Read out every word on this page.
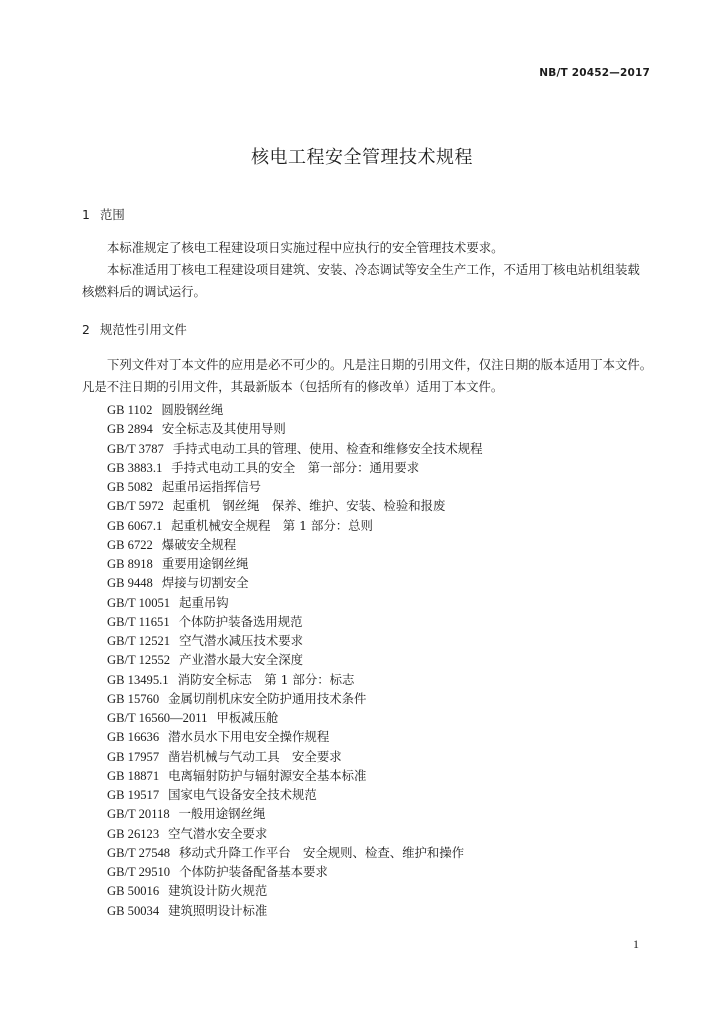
NB/T 20452—2017
核电工程安全管理技术规程
1 范围
本标准规定了核电工程建设项日实施过程中应执行的安全管理技术要求。
本标准适用丁核电工程建设项目建筑、安装、冷态调试等安全生产工作，不适用丁核电站机组装载
核燃料后的调试运行。
2 规范性引用文件
下列文件对丁本文件的应用是必不可少的。凡是注日期的引用文件，仅注日期的版本适用丁本文件。
凡是不注日期的引用文件，其最新版本（包括所有的修改单）适用丁本文件。
GB 1102 圆股钢丝绳
GB 2894 安全标志及其使用导则
GB/T 3787 手持式电动工具的管理、使用、检查和维修安全技术规程
GB 3883.1 手持式电动工具的安全　第一部分：通用要求
GB 5082 起重吊运指挥信号
GB/T 5972 起重机　钢丝绳　保养、维护、安装、检验和报废
GB 6067.1 起重机械安全规程　第 1 部分：总则
GB 6722 爆破安全规程
GB 8918 重要用途钢丝绳
GB 9448 焊接与切割安全
GB/T 10051 起重吊钩
GB/T 11651 个体防护装备选用规范
GB/T 12521 空气潜水减压技术要求
GB/T 12552 产业潜水最大安全深度
GB 13495.1 消防安全标志　第 1 部分：标志
GB 15760 金属切削机床安全防护通用技术条件
GB/T 16560—2011 甲板减压舱
GB 16636 潜水员水下用电安全操作规程
GB 17957 凿岩机械与气动工具　安全要求
GB 18871 电离辐射防护与辐射源安全基本标准
GB 19517 国家电气设备安全技术规范
GB/T 20118 一般用途钢丝绳
GB 26123 空气潜水安全要求
GB/T 27548 移动式升降工作平台　安全规则、检查、维护和操作
GB/T 29510 个体防护装备配备基本要求
GB 50016 建筑设计防火规范
GB 50034 建筑照明设计标准
1
